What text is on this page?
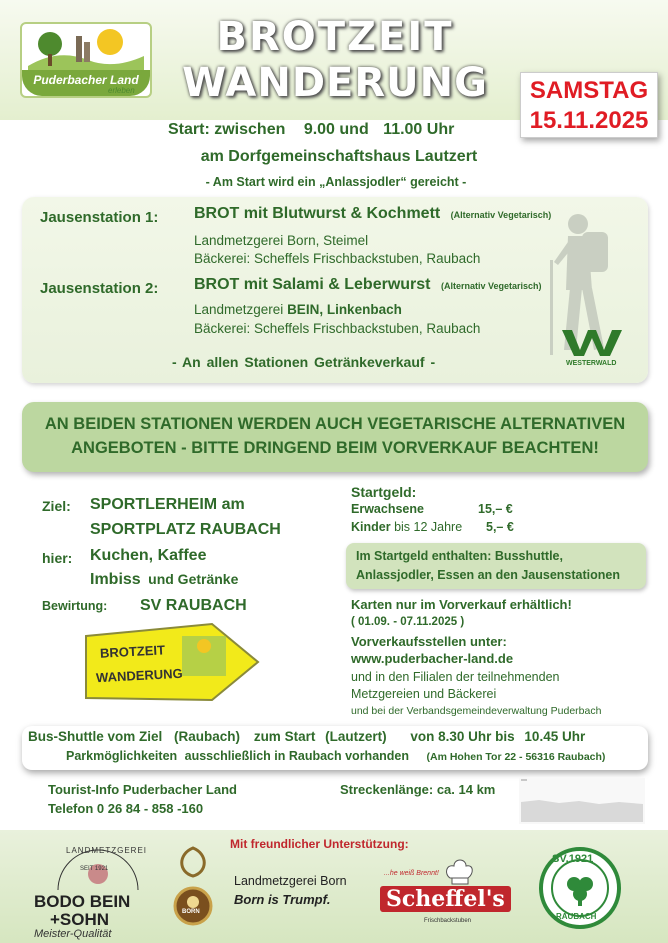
Puderbacher Land
erleben
BROTZEIT
WANDERUNG	SAMSTAG
15.11.2025
Start: zwischen 9.00 und 11.00 Uhr
am Dorfgemeinschaftshaus Lautzert
- Am Start wird ein „Anlassjodler“ gereicht -
Jausenstation 1: BROT mit Blutwurst & Kochmett (Alternativ Vegetarisch)
Landmetzgerei Born, Steimel
Bäckerei: Scheffels Frischbackstuben, Raubach
Jausenstation 2: BROT mit Salami & Leberwurst (Alternativ Vegetarisch)
Landmetzgerei BEIN, Linkenbach
Bäckerei: Scheffels Frischbackstuben, Raubach
- An allen Stationen Getränkeverkauf -	WESTERWALD
AN BEIDEN STATIONEN WERDEN AUCH VEGETARISCHE ALTERNATIVEN
ANGEBOTEN - BITTE DRINGEND BEIM VORVERKAUF BEACHTEN!
Ziel: SPORTLERHEIM am
SPORTPLATZ RAUBACH
hier: Kuchen, Kaffee
Imbiss und Getränke
Bewirtung: SV RAUBACH
Startgeld:
Erwachsene	15,– €
Kinder bis 12 Jahre 5,– €
Im Startgeld enthalten: Busshuttle,
Anlassjodler, Essen an den Jausenstationen
Karten nur im Vorverkauf erhältlich!
( 01.09. - 07.11.2025 )
Vorverkaufsstellen unter:
www.puderbacher-land.de
und in den Filialen der teilnehmenden
Metzgereien und Bäckerei
und bei der Verbandsgemeindeverwaltung Puderbach
BROTZEIT
WANDERUNG
Bus-Shuttle vom Ziel (Raubach) zum Start (Lautzert) von 8.30 Uhr bis 10.45 Uhr
Parkmöglichkeiten ausschließlich in Raubach vorhanden (Am Hohen Tor 22 - 56316 Raubach)
Tourist-Info Puderbacher Land
Telefon 0 26 84 - 858 -160
Streckenlänge: ca. 14 km
Mit freundlicher Unterstützung:
LANDMETZGEREI
SEIT 1921
BODO BEIN
+SOHN
Meister-Qualität
BORN
Landmetzgerei Born
Born is Trumpf.
...he weiß Brennt!
Scheffel's
Frischbackstuben
SV.1921
RAUBACH
